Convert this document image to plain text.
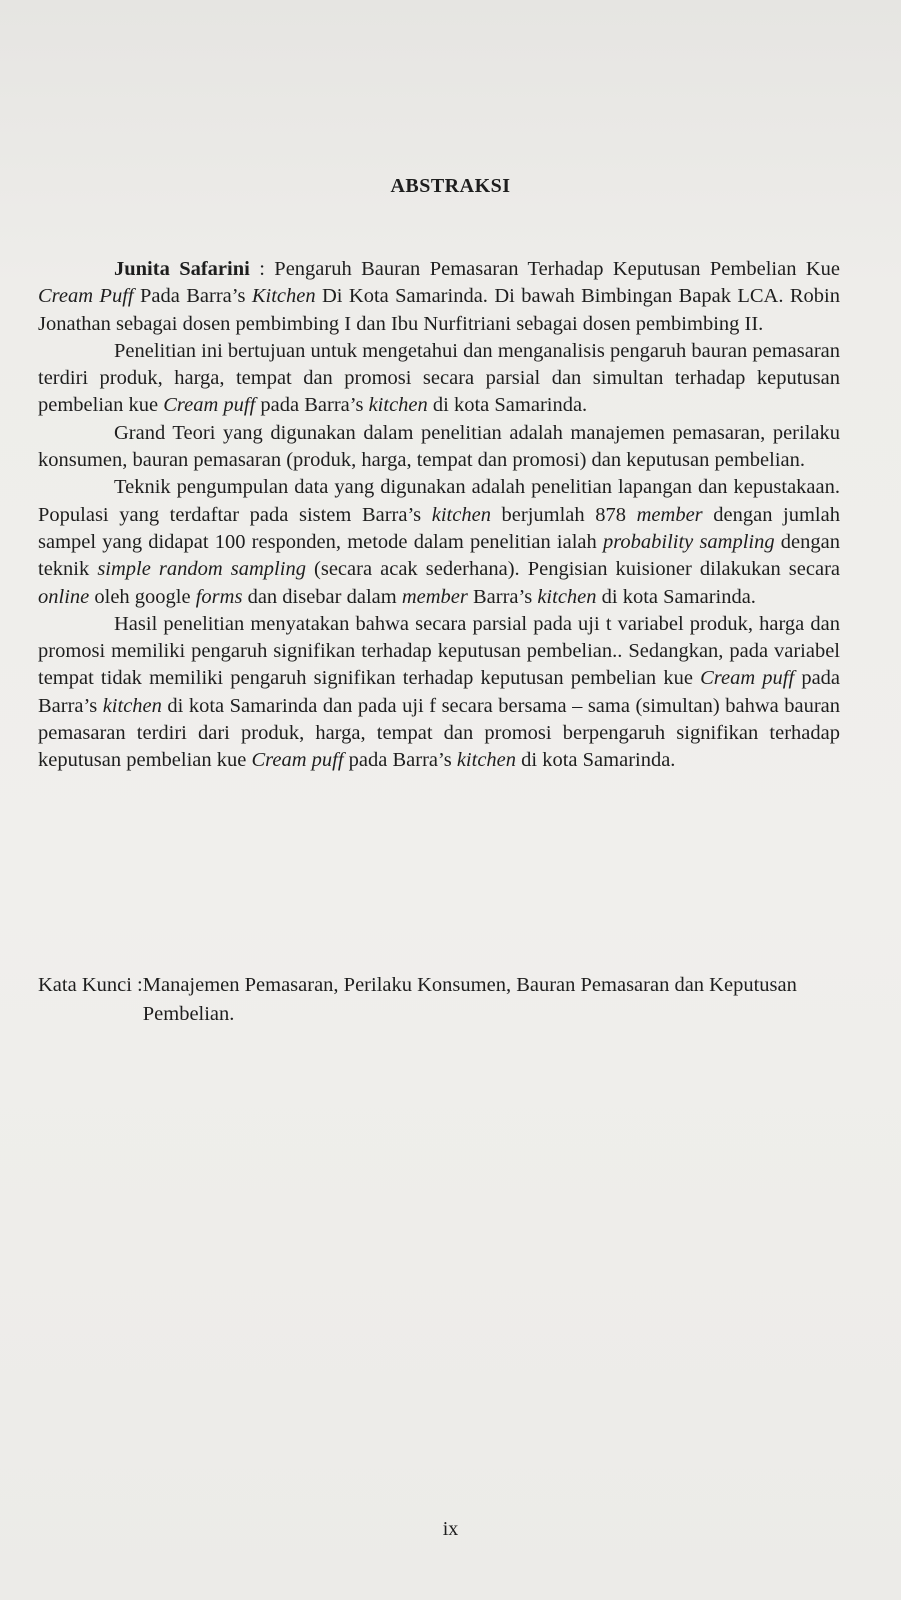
ABSTRAKSI

Junita Safarini : Pengaruh Bauran Pemasaran Terhadap Keputusan Pembelian Kue Cream Puff Pada Barra’s Kitchen Di Kota Samarinda. Di bawah Bimbingan Bapak LCA. Robin Jonathan sebagai dosen pembimbing I dan Ibu Nurfitriani sebagai dosen pembimbing II.

Penelitian ini bertujuan untuk mengetahui dan menganalisis pengaruh bauran pemasaran terdiri produk, harga, tempat dan promosi secara parsial dan simultan terhadap keputusan pembelian kue Cream puff pada Barra’s kitchen di kota Samarinda.

Grand Teori yang digunakan dalam penelitian adalah manajemen pemasaran, perilaku konsumen, bauran pemasaran (produk, harga, tempat dan promosi) dan keputusan pembelian.

Teknik pengumpulan data yang digunakan adalah penelitian lapangan dan kepustakaan. Populasi yang terdaftar pada sistem Barra’s kitchen berjumlah 878 member dengan jumlah sampel yang didapat 100 responden, metode dalam penelitian ialah probability sampling dengan teknik simple random sampling (secara acak sederhana). Pengisian kuisioner dilakukan secara online oleh google forms dan disebar dalam member Barra’s kitchen di kota Samarinda.

Hasil penelitian menyatakan bahwa secara parsial pada uji t variabel produk, harga dan promosi memiliki pengaruh signifikan terhadap keputusan pembelian.. Sedangkan, pada variabel tempat tidak memiliki pengaruh signifikan terhadap keputusan pembelian kue Cream puff pada Barra’s kitchen di kota Samarinda dan pada uji f secara bersama – sama (simultan) bahwa bauran pemasaran terdiri dari produk, harga, tempat dan promosi berpengaruh signifikan terhadap keputusan pembelian kue Cream puff pada Barra’s kitchen di kota Samarinda.

Kata Kunci : Manajemen Pemasaran, Perilaku Konsumen, Bauran Pemasaran dan Keputusan Pembelian.
ix
